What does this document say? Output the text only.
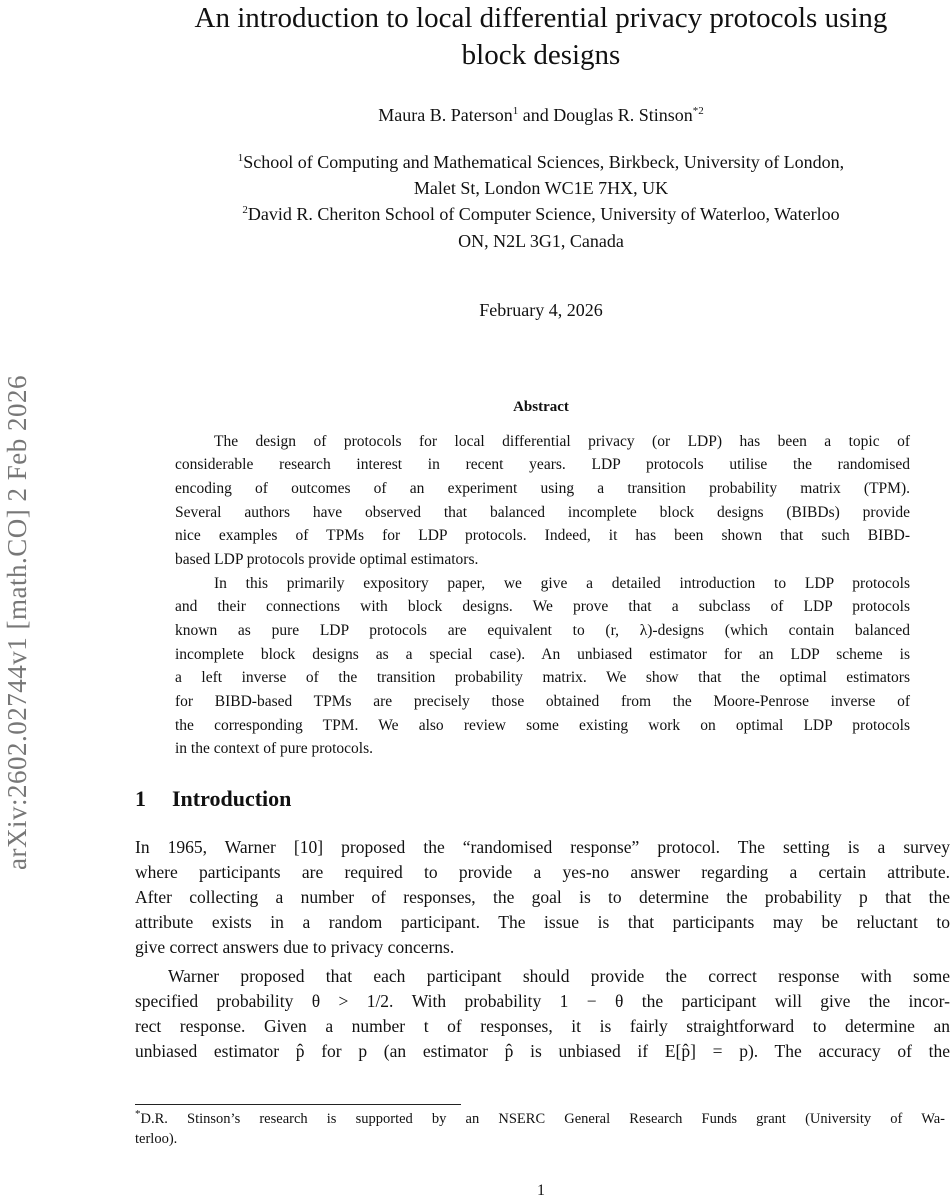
arXiv:2602.02744v1 [math.CO] 2 Feb 2026
An introduction to local differential privacy protocols using
block designs
Maura B. Paterson$^1$ and Douglas R. Stinson$^{*2}$
$^1$School of Computing and Mathematical Sciences, Birkbeck, University of London,
Malet St, London WC1E 7HX, UK
$^2$David R. Cheriton School of Computer Science, University of Waterloo, Waterloo
ON, N2L 3G1, Canada
February 4, 2026
Abstract
The design of protocols for local differential privacy (or LDP) has been a topic of
considerable research interest in recent years. LDP protocols utilise the randomised
encoding of outcomes of an experiment using a transition probability matrix (TPM).
Several authors have observed that balanced incomplete block designs (BIBDs) provide
nice examples of TPMs for LDP protocols. Indeed, it has been shown that such BIBD-
based LDP protocols provide optimal estimators.
In this primarily expository paper, we give a detailed introduction to LDP protocols
and their connections with block designs. We prove that a subclass of LDP protocols
known as pure LDP protocols are equivalent to (r, λ)-designs (which contain balanced
incomplete block designs as a special case). An unbiased estimator for an LDP scheme is
a left inverse of the transition probability matrix. We show that the optimal estimators
for BIBD-based TPMs are precisely those obtained from the Moore-Penrose inverse of
the corresponding TPM. We also review some existing work on optimal LDP protocols
in the context of pure protocols.
1 Introduction
In 1965, Warner [10] proposed the “randomised response” protocol. The setting is a survey
where participants are required to provide a yes-no answer regarding a certain attribute.
After collecting a number of responses, the goal is to determine the probability p that the
attribute exists in a random participant. The issue is that participants may be reluctant to
give correct answers due to privacy concerns.
Warner proposed that each participant should provide the correct response with some
specified probability θ > 1/2. With probability 1 − θ the participant will give the incor-
rect response. Given a number t of responses, it is fairly straightforward to determine an
unbiased estimator p̂ for p (an estimator p̂ is unbiased if E[p̂] = p). The accuracy of the
*D.R. Stinson’s research is supported by an NSERC General Research Funds grant (University of Wa-
terloo).
1
